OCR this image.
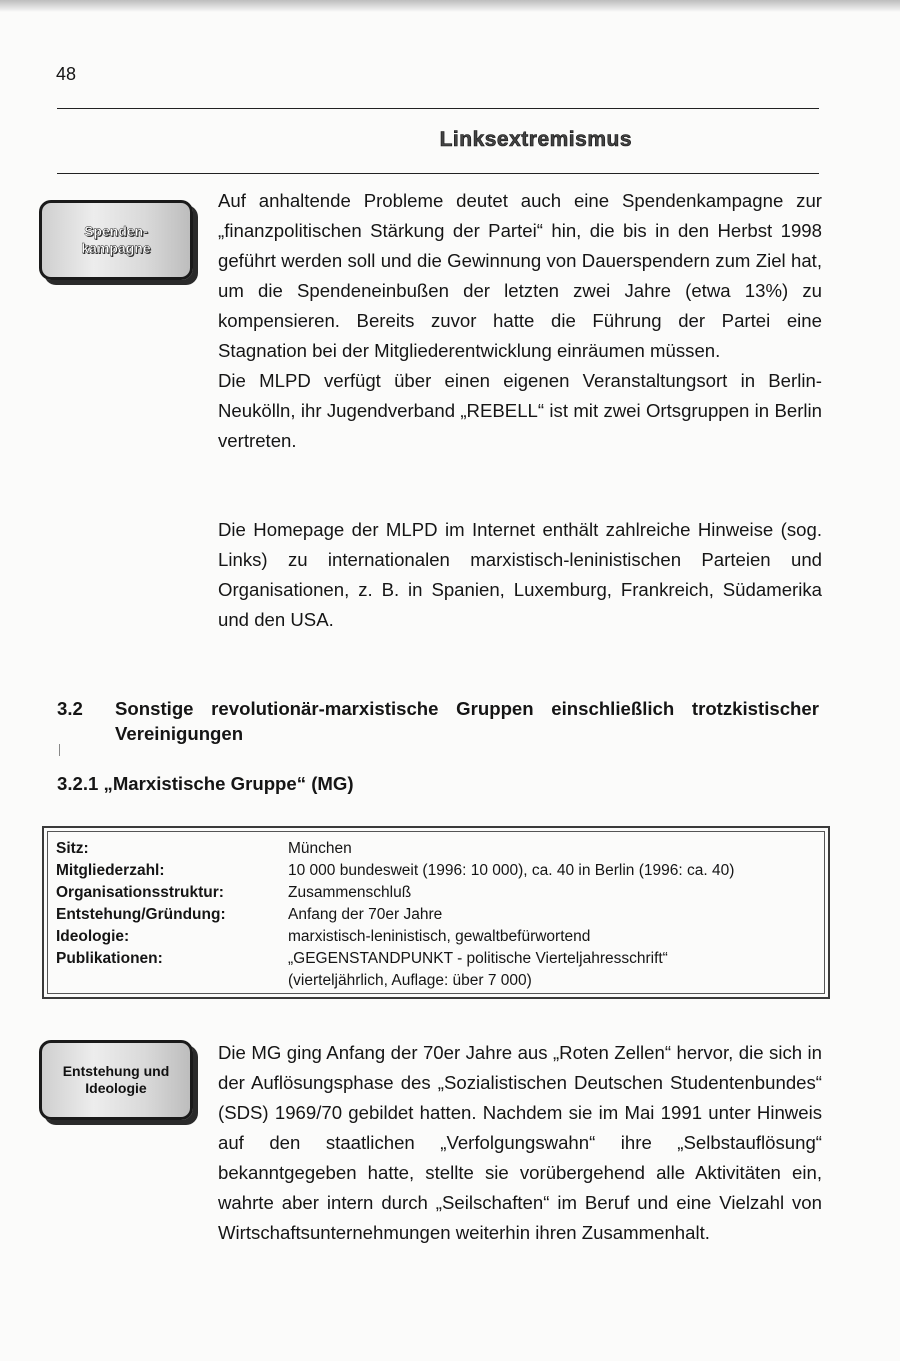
48
Linksextremismus
Spenden-
kampagne

Auf anhaltende Probleme deutet auch eine Spendenkampagne zur „finanzpolitischen Stärkung der Partei“ hin, die bis in den Herbst 1998 geführt werden soll und die Gewinnung von Dauerspendern zum Ziel hat, um die Spendeneinbußen der letzten zwei Jahre (etwa 13%) zu kompensieren. Bereits zuvor hatte die Führung der Partei eine Stagnation bei der Mitgliederentwicklung einräumen müssen.

Die MLPD verfügt über einen eigenen Veranstaltungsort in Berlin-Neukölln, ihr Jugendverband „REBELL“ ist mit zwei Ortsgruppen in Berlin vertreten.

Die Homepage der MLPD im Internet enthält zahlreiche Hinweise (sog. Links) zu internationalen marxistisch-leninistischen Parteien und Organisationen, z. B. in Spanien, Luxemburg, Frankreich, Südamerika und den USA.

3.2	Sonstige revolutionär-marxistische Gruppen einschließlich trotzkistischer Vereinigungen
3.2.1 „Marxistische Gruppe“ (MG)
Sitz:	München
Mitgliederzahl:	10 000 bundesweit (1996: 10 000), ca. 40 in Berlin (1996: ca. 40)
Organisationsstruktur:	Zusammenschluß
Entstehung/Gründung:	Anfang der 70er Jahre
Ideologie:	marxistisch-leninistisch, gewaltbefürwortend
Publikationen:	„GEGENSTANDPUNKT - politische Vierteljahresschrift“
(vierteljährlich, Auflage: über 7 000)
Entstehung und
Ideologie

Die MG ging Anfang der 70er Jahre aus „Roten Zellen“ hervor, die sich in der Auflösungsphase des „Sozialistischen Deutschen Studentenbundes“ (SDS) 1969/70 gebildet hatten. Nachdem sie im Mai 1991 unter Hinweis auf den staatlichen „Verfolgungswahn“ ihre „Selbstauflösung“ bekanntgegeben hatte, stellte sie vorübergehend alle Aktivitäten ein, wahrte aber intern durch „Seilschaften“ im Beruf und eine Vielzahl von Wirtschaftsunternehmungen weiterhin ihren Zusammenhalt.
